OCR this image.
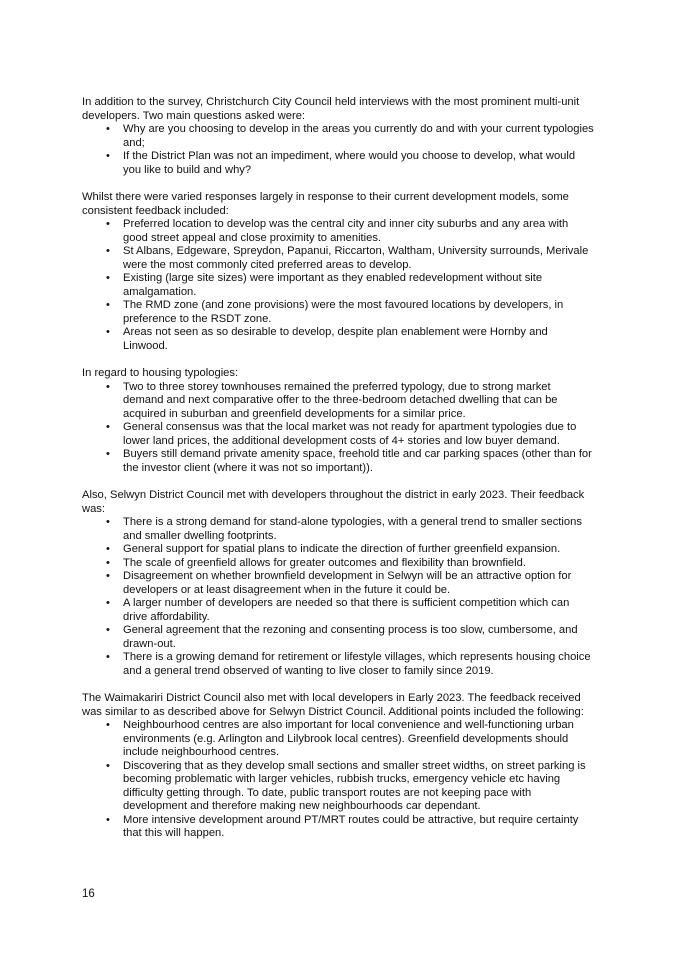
In addition to the survey, Christchurch City Council held interviews with the most prominent multi-unit developers. Two main questions asked were:

• Why are you choosing to develop in the areas you currently do and with your current typologies and;
• If the District Plan was not an impediment, where would you choose to develop, what would you like to build and why?

Whilst there were varied responses largely in response to their current development models, some consistent feedback included:

• Preferred location to develop was the central city and inner city suburbs and any area with good street appeal and close proximity to amenities.
• St Albans, Edgeware, Spreydon, Papanui, Riccarton, Waltham, University surrounds, Merivale were the most commonly cited preferred areas to develop.
• Existing (large site sizes) were important as they enabled redevelopment without site amalgamation.
• The RMD zone (and zone provisions) were the most favoured locations by developers, in preference to the RSDT zone.
• Areas not seen as so desirable to develop, despite plan enablement were Hornby and Linwood.

In regard to housing typologies:

• Two to three storey townhouses remained the preferred typology, due to strong market demand and next comparative offer to the three-bedroom detached dwelling that can be acquired in suburban and greenfield developments for a similar price.
• General consensus was that the local market was not ready for apartment typologies due to lower land prices, the additional development costs of 4+ stories and low buyer demand.
• Buyers still demand private amenity space, freehold title and car parking spaces (other than for the investor client (where it was not so important)).

Also, Selwyn District Council met with developers throughout the district in early 2023. Their feedback was:

• There is a strong demand for stand-alone typologies, with a general trend to smaller sections and smaller dwelling footprints.
• General support for spatial plans to indicate the direction of further greenfield expansion.
• The scale of greenfield allows for greater outcomes and flexibility than brownfield.
• Disagreement on whether brownfield development in Selwyn will be an attractive option for developers or at least disagreement when in the future it could be.
• A larger number of developers are needed so that there is sufficient competition which can drive affordability.
• General agreement that the rezoning and consenting process is too slow, cumbersome, and drawn-out.
• There is a growing demand for retirement or lifestyle villages, which represents housing choice and a general trend observed of wanting to live closer to family since 2019.

The Waimakariri District Council also met with local developers in Early 2023. The feedback received was similar to as described above for Selwyn District Council. Additional points included the following:

• Neighbourhood centres are also important for local convenience and well-functioning urban environments (e.g. Arlington and Lilybrook local centres). Greenfield developments should include neighbourhood centres.
• Discovering that as they develop small sections and smaller street widths, on street parking is becoming problematic with larger vehicles, rubbish trucks, emergency vehicle etc having difficulty getting through. To date, public transport routes are not keeping pace with development and therefore making new neighbourhoods car dependant.
• More intensive development around PT/MRT routes could be attractive, but require certainty that this will happen.
16
